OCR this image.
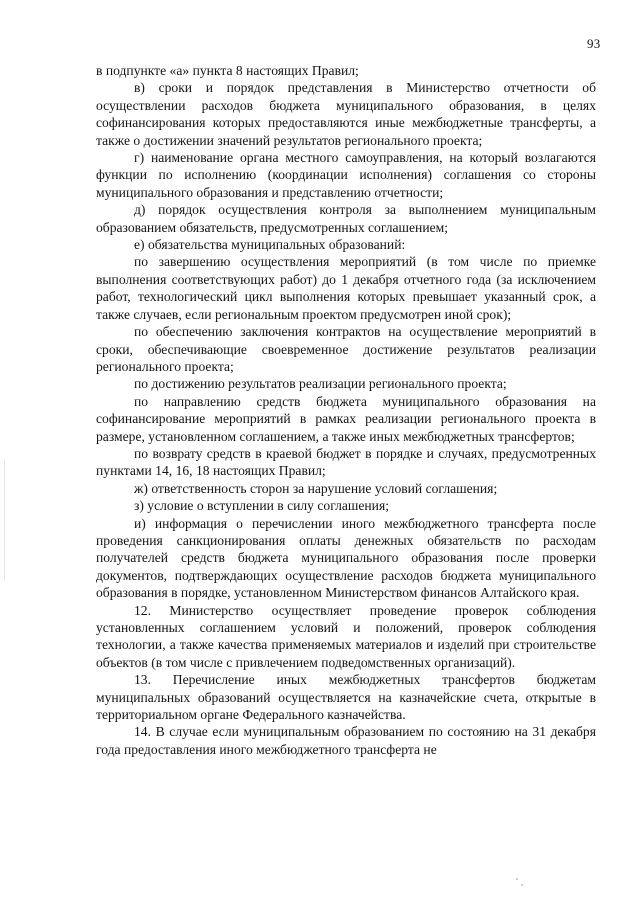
93

в подпункте «а» пункта 8 настоящих Правил;

в) сроки и порядок представления в Министерство отчетности об осуществлении расходов бюджета муниципального образования, в целях софинансирования которых предоставляются иные межбюджетные трансферты, а также о достижении значений результатов регионального проекта;

г) наименование органа местного самоуправления, на который возлагаются функции по исполнению (координации исполнения) соглашения со стороны муниципального образования и представлению отчетности;

д) порядок осуществления контроля за выполнением муниципальным образованием обязательств, предусмотренных соглашением;

е) обязательства муниципальных образований:

по завершению осуществления мероприятий (в том числе по приемке выполнения соответствующих работ) до 1 декабря отчетного года (за исключением работ, технологический цикл выполнения которых превышает указанный срок, а также случаев, если региональным проектом предусмотрен иной срок);

по обеспечению заключения контрактов на осуществление мероприятий в сроки, обеспечивающие своевременное достижение результатов реализации регионального проекта;

по достижению результатов реализации регионального проекта;

по направлению средств бюджета муниципального образования на софинансирование мероприятий в рамках реализации регионального проекта в размере, установленном соглашением, а также иных межбюджетных трансфертов;

по возврату средств в краевой бюджет в порядке и случаях, предусмотренных пунктами 14, 16, 18 настоящих Правил;

ж) ответственность сторон за нарушение условий соглашения;

з) условие о вступлении в силу соглашения;

и) информация о перечислении иного межбюджетного трансферта после проведения санкционирования оплаты денежных обязательств по расходам получателей средств бюджета муниципального образования после проверки документов, подтверждающих осуществление расходов бюджета муниципального образования в порядке, установленном Министерством финансов Алтайского края.

12. Министерство осуществляет проведение проверок соблюдения установленных соглашением условий и положений, проверок соблюдения технологии, а также качества применяемых материалов и изделий при строительстве объектов (в том числе с привлечением подведомственных организаций).

13. Перечисление иных межбюджетных трансфертов бюджетам муниципальных образований осуществляется на казначейские счета, открытые в территориальном органе Федерального казначейства.

14. В случае если муниципальным образованием по состоянию на 31 декабря года предоставления иного межбюджетного трансферта не
